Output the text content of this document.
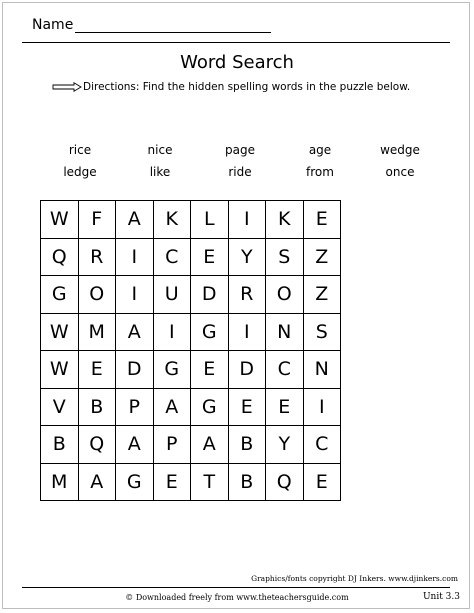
Name
Word Search
Directions:
Find the hidden spelling words in the puzzle below.
rice	nice	page	age	wedge
ledge	like	ride	from	once
W	F	A	K	L	I	K	E
Q	R	I	C	E	Y	S	Z
G	O	I	U	D	R	O	Z
W	M	A	I	G	I	N	S
W	E	D	G	E	D	C	N
V	B	P	A	G	E	E	I
B	Q	A	P	A	B	Y	C
M	A	G	E	T	B	Q	E
Graphics/fonts copyright DJ Inkers. www.djinkers.com
© Downloaded freely from www.theteachersguide.com	Unit 3.3
